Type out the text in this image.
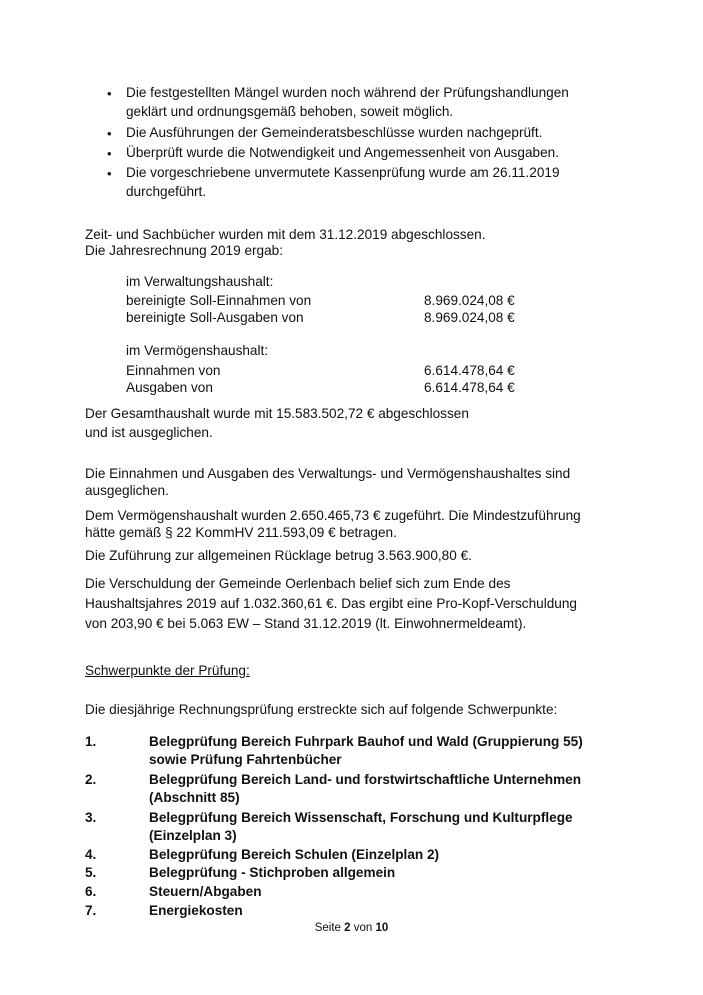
• Die festgestellten Mängel wurden noch während der Prüfungshandlungen
geklärt und ordnungsgemäß behoben, soweit möglich.
• Die Ausführungen der Gemeinderatsbeschlüsse wurden nachgeprüft.
• Überprüft wurde die Notwendigkeit und Angemessenheit von Ausgaben.
• Die vorgeschriebene unvermutete Kassenprüfung wurde am 26.11.2019
durchgeführt.
Zeit- und Sachbücher wurden mit dem 31.12.2019 abgeschlossen.
Die Jahresrechnung 2019 ergab:
im Verwaltungshaushalt:
bereinigte Soll-Einnahmen von	8.969.024,08 €
bereinigte Soll-Ausgaben von	8.969.024,08 €
im Vermögenshaushalt:
Einnahmen von	6.614.478,64 €
Ausgaben von	6.614.478,64 €
Der Gesamthaushalt wurde mit 15.583.502,72 € abgeschlossen
und ist ausgeglichen.
Die Einnahmen und Ausgaben des Verwaltungs- und Vermögenshaushaltes sind
ausgeglichen.
Dem Vermögenshaushalt wurden 2.650.465,73 € zugeführt. Die Mindestzuführung
hätte gemäß § 22 KommHV 211.593,09 € betragen.
Die Zuführung zur allgemeinen Rücklage betrug 3.563.900,80 €.
Die Verschuldung der Gemeinde Oerlenbach belief sich zum Ende des
Haushaltsjahres 2019 auf 1.032.360,61 €. Das ergibt eine Pro-Kopf-Verschuldung
von 203,90 € bei 5.063 EW – Stand 31.12.2019 (lt. Einwohnermeldeamt).
Schwerpunkte der Prüfung:
Die diesjährige Rechnungsprüfung erstreckte sich auf folgende Schwerpunkte:
1.	Belegprüfung Bereich Fuhrpark Bauhof und Wald (Gruppierung 55)
sowie Prüfung Fahrtenbücher
2.	Belegprüfung Bereich Land- und forstwirtschaftliche Unternehmen
(Abschnitt 85)
3.	Belegprüfung Bereich Wissenschaft, Forschung und Kulturpflege
(Einzelplan 3)
4.	Belegprüfung Bereich Schulen (Einzelplan 2)
5.	Belegprüfung - Stichproben allgemein
6.	Steuern/Abgaben
7.	Energiekosten
Seite 2 von 10
